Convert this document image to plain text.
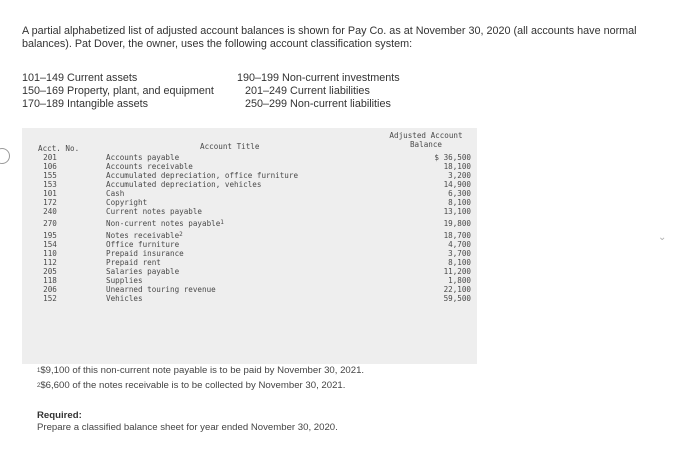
A partial alphabetized list of adjusted account balances is shown for Pay Co. as at November 30, 2020 (all accounts have normal balances). Pat Dover, the owner, uses the following account classification system:
101–149 Current assets
150–169 Property, plant, and equipment
170–189 Intangible assets
190–199 Non-current investments
201–249 Current liabilities
250–299 Non-current liabilities
Acct. No.	Account Title
Adjusted Account
Balance
201	Accounts payable	$ 36,500
106	Accounts receivable	18,100
155	Accumulated depreciation, office furniture	3,200
153	Accumulated depreciation, vehicles	14,900
101	Cash	6,300
172	Copyright	8,100
240	Current notes payable	13,100
270	Non-current notes payable$^1$	19,800
195	Notes receivable$^2$	18,700
154	Office furniture	4,700
110	Prepaid insurance	3,700
112	Prepaid rent	8,100
205	Salaries payable	11,200
118	Supplies	1,800
206	Unearned touring revenue	22,100
152	Vehicles	59,500
⌄
$^1$\$9,100 of this non-current note payable is to be paid by November 30, 2021.
$^2$\$6,600 of the notes receivable is to be collected by November 30, 2021.
Required:
Prepare a classified balance sheet for year ended November 30, 2020.
